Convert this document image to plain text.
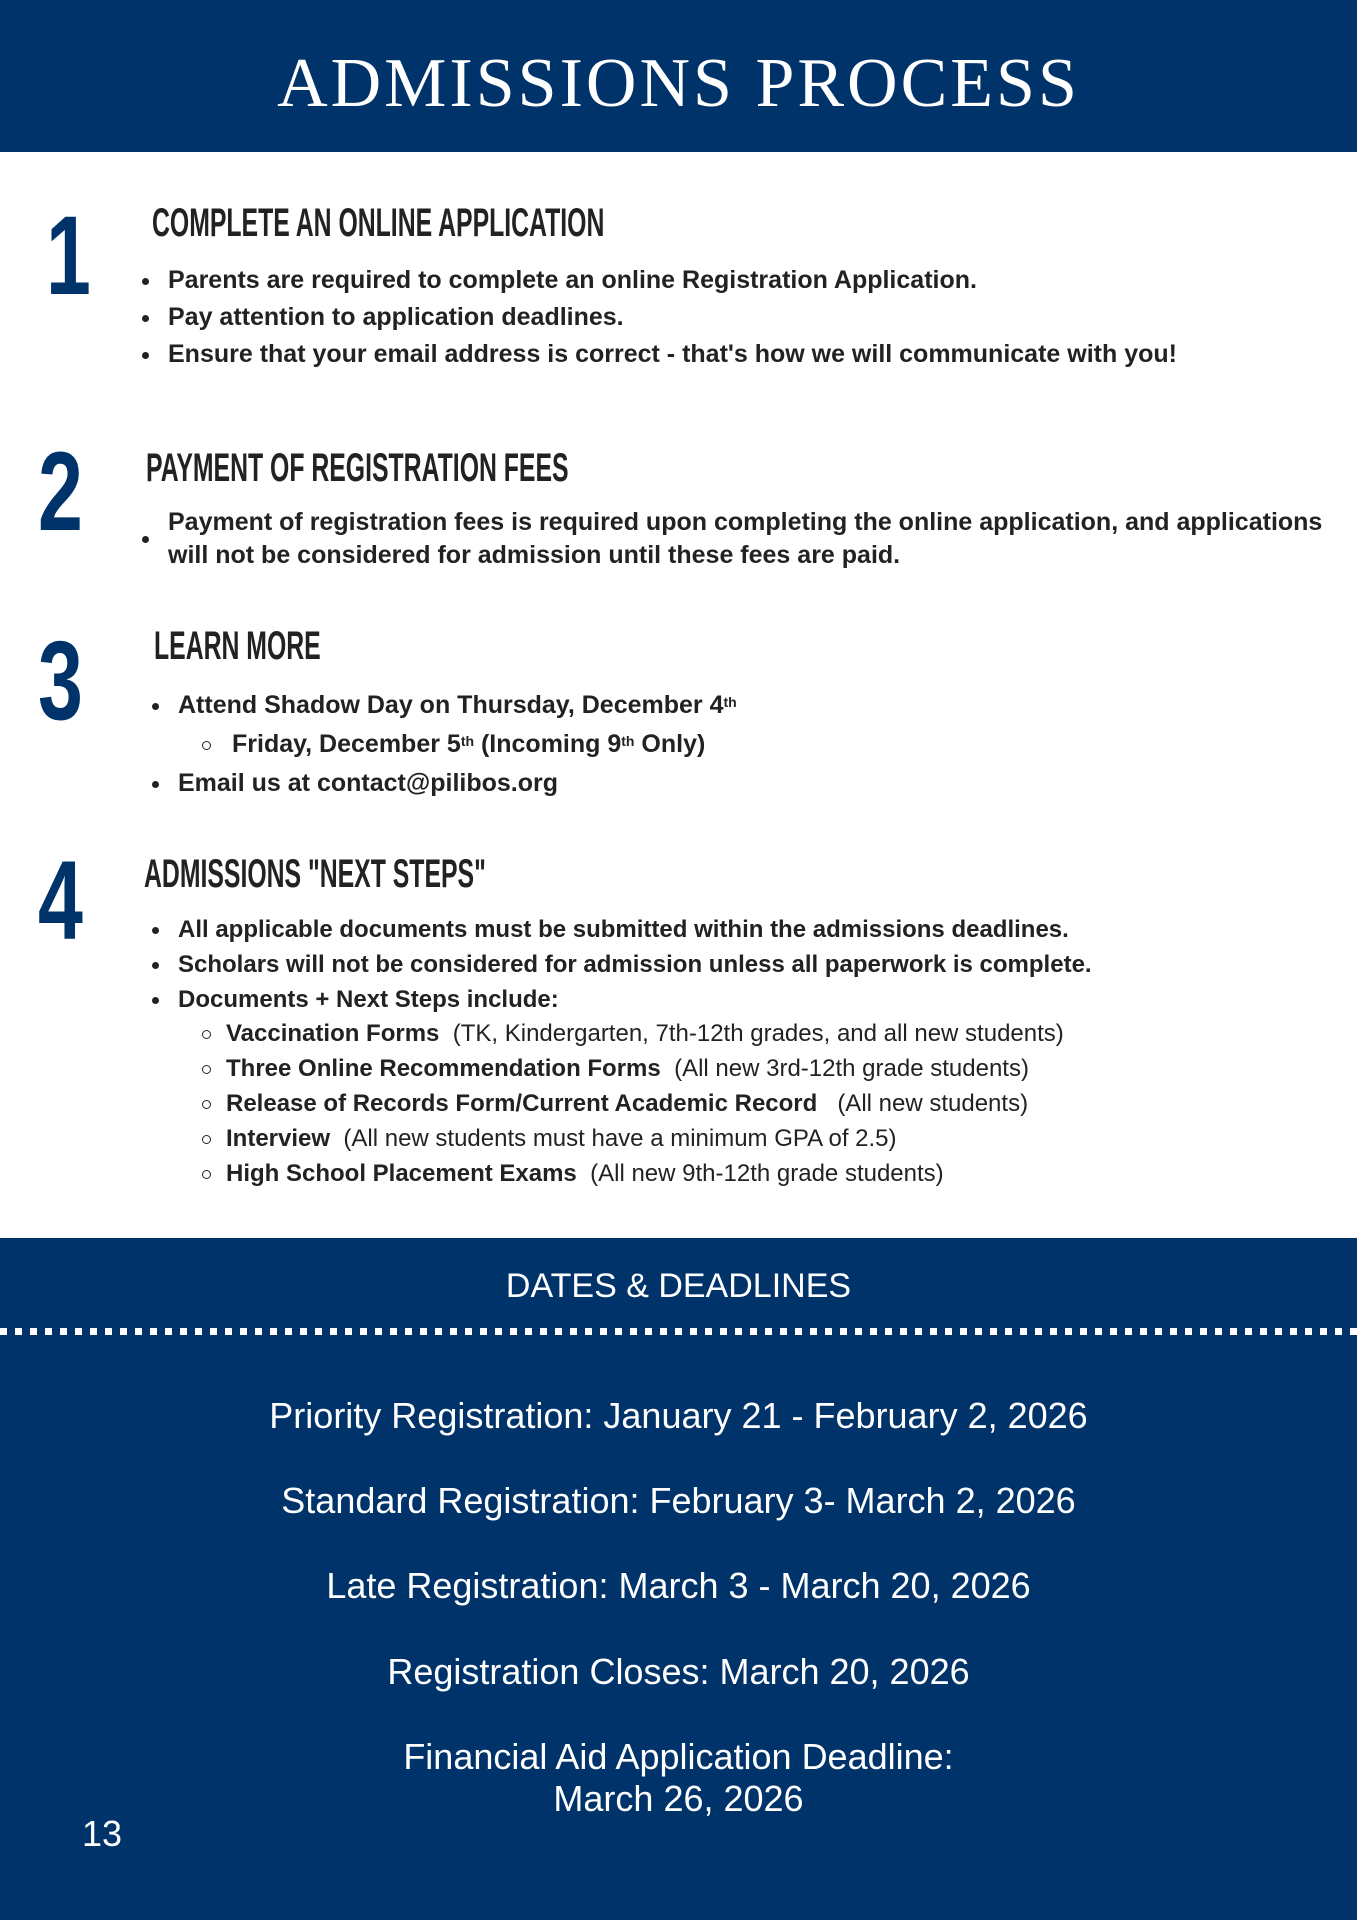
ADMISSIONS PROCESS
1 COMPLETE AN ONLINE APPLICATION
Parents are required to complete an online Registration Application.
Pay attention to application deadlines.
Ensure that your email address is correct - that's how we will communicate with you!
2 PAYMENT OF REGISTRATION FEES
Payment of registration fees is required upon completing the online application, and applications will not be considered for admission until these fees are paid.
3 LEARN MORE
Attend Shadow Day on Thursday, December 4th
Friday, December 5th (Incoming 9th Only)
Email us at contact@pilibos.org
4 ADMISSIONS "NEXT STEPS"
All applicable documents must be submitted within the admissions deadlines.
Scholars will not be considered for admission unless all paperwork is complete.
Documents + Next Steps include:
Vaccination Forms (TK, Kindergarten, 7th-12th grades, and all new students)
Three Online Recommendation Forms (All new 3rd-12th grade students)
Release of Records Form/Current Academic Record (All new students)
Interview (All new students must have a minimum GPA of 2.5)
High School Placement Exams (All new 9th-12th grade students)
DATES & DEADLINES
Priority Registration: January 21 - February 2, 2026
Standard Registration: February 3- March 2, 2026
Late Registration: March 3 - March 20, 2026
Registration Closes: March 20, 2026
Financial Aid Application Deadline:
March 26, 2026
13
